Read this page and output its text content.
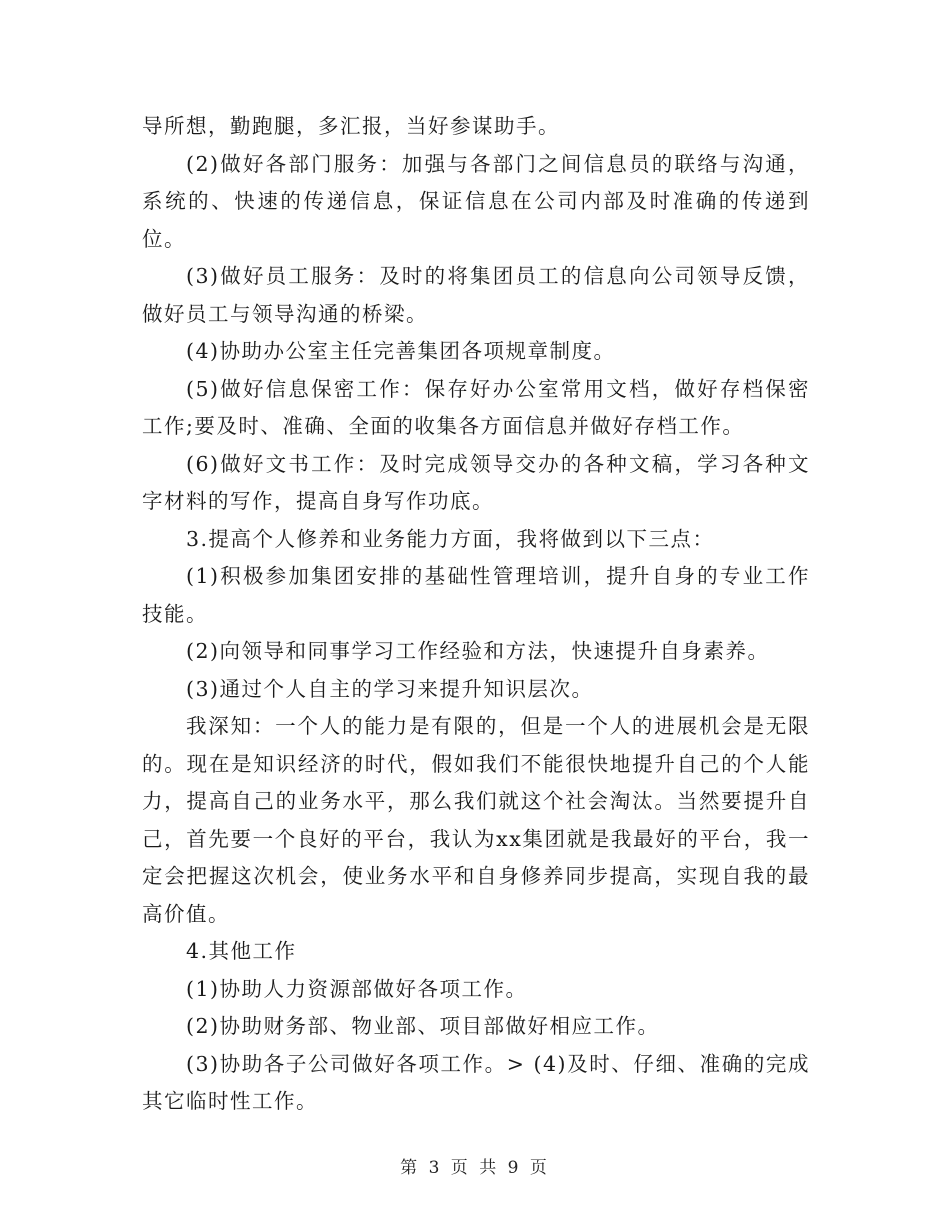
导所想，勤跑腿，多汇报，当好参谋助手。

(2)做好各部门服务：加强与各部门之间信息员的联络与沟通，系统的、快速的传递信息，保证信息在公司内部及时准确的传递到位。

(3)做好员工服务：及时的将集团员工的信息向公司领导反馈，做好员工与领导沟通的桥梁。

(4)协助办公室主任完善集团各项规章制度。

(5)做好信息保密工作：保存好办公室常用文档，做好存档保密工作;要及时、准确、全面的收集各方面信息并做好存档工作。

(6)做好文书工作：及时完成领导交办的各种文稿，学习各种文字材料的写作，提高自身写作功底。

3.提高个人修养和业务能力方面，我将做到以下三点：

(1)积极参加集团安排的基础性管理培训，提升自身的专业工作技能。

(2)向领导和同事学习工作经验和方法，快速提升自身素养。

(3)通过个人自主的学习来提升知识层次。

我深知：一个人的能力是有限的，但是一个人的进展机会是无限的。现在是知识经济的时代，假如我们不能很快地提升自己的个人能力，提高自己的业务水平，那么我们就这个社会淘汰。当然要提升自己，首先要一个良好的平台，我认为xx集团就是我最好的平台，我一定会把握这次机会，使业务水平和自身修养同步提高，实现自我的最高价值。

4.其他工作

(1)协助人力资源部做好各项工作。

(2)协助财务部、物业部、项目部做好相应工作。

(3)协助各子公司做好各项工作。> (4)及时、仔细、准确的完成其它临时性工作。

第 3 页 共 9 页
